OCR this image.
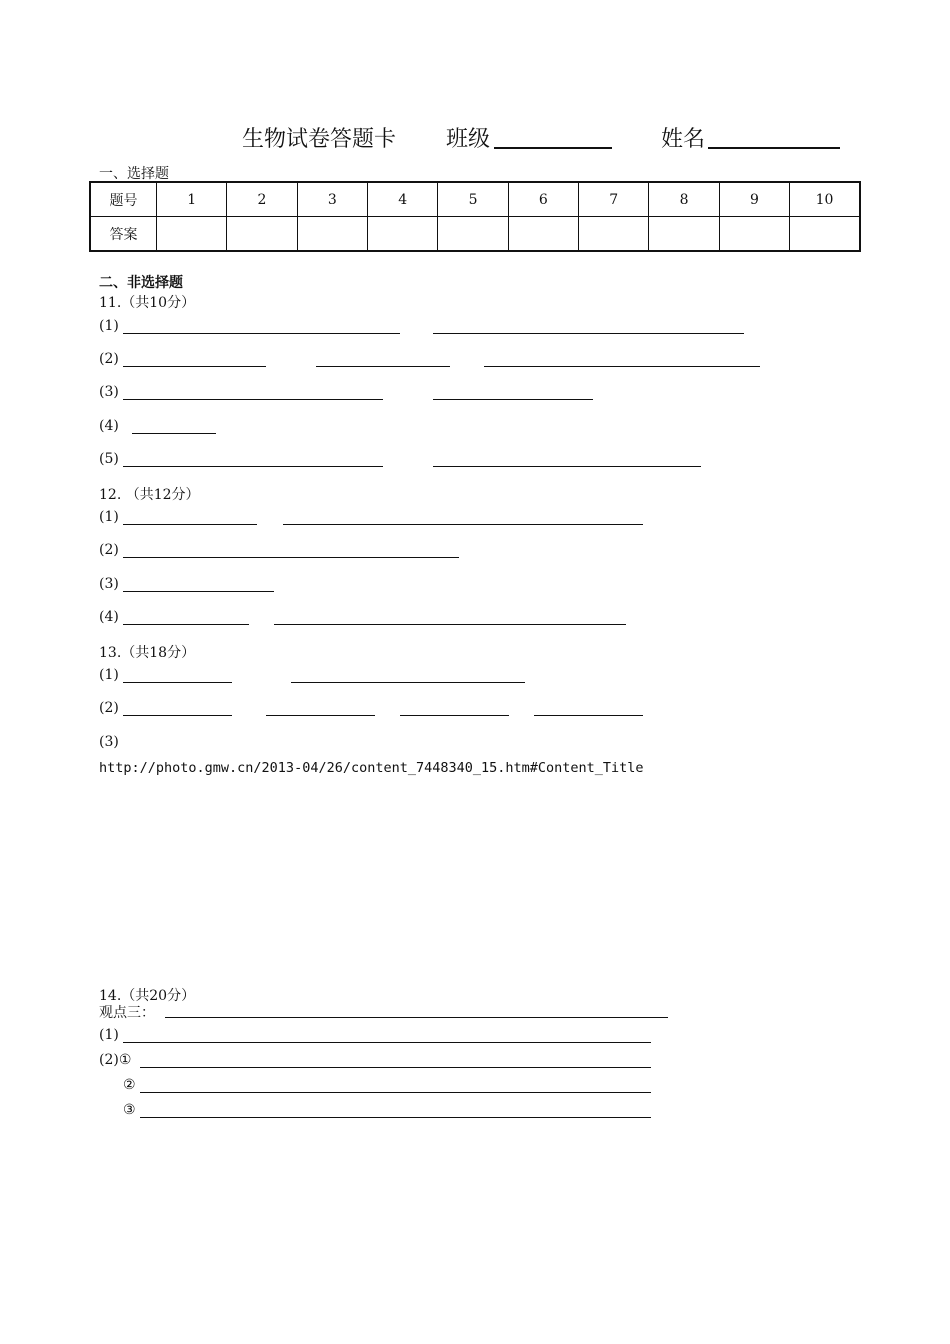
生物试卷答题卡 班级	姓名
一、选择题
题号	1	2	3	4	5	6	7	8	9	10
答案										
二、非选择题
11.（共10分）
(1)
(2)
(3)
(4)
(5)
12. （共12分）
(1)
(2)
(3)
(4)
13.（共18分）
(1)
(2)
(3)
http://photo.gmw.cn/2013-04/26/content_7448340_15.htm#Content_Title
14.（共20分）
观点三：
(1)
(2)①
②
③
